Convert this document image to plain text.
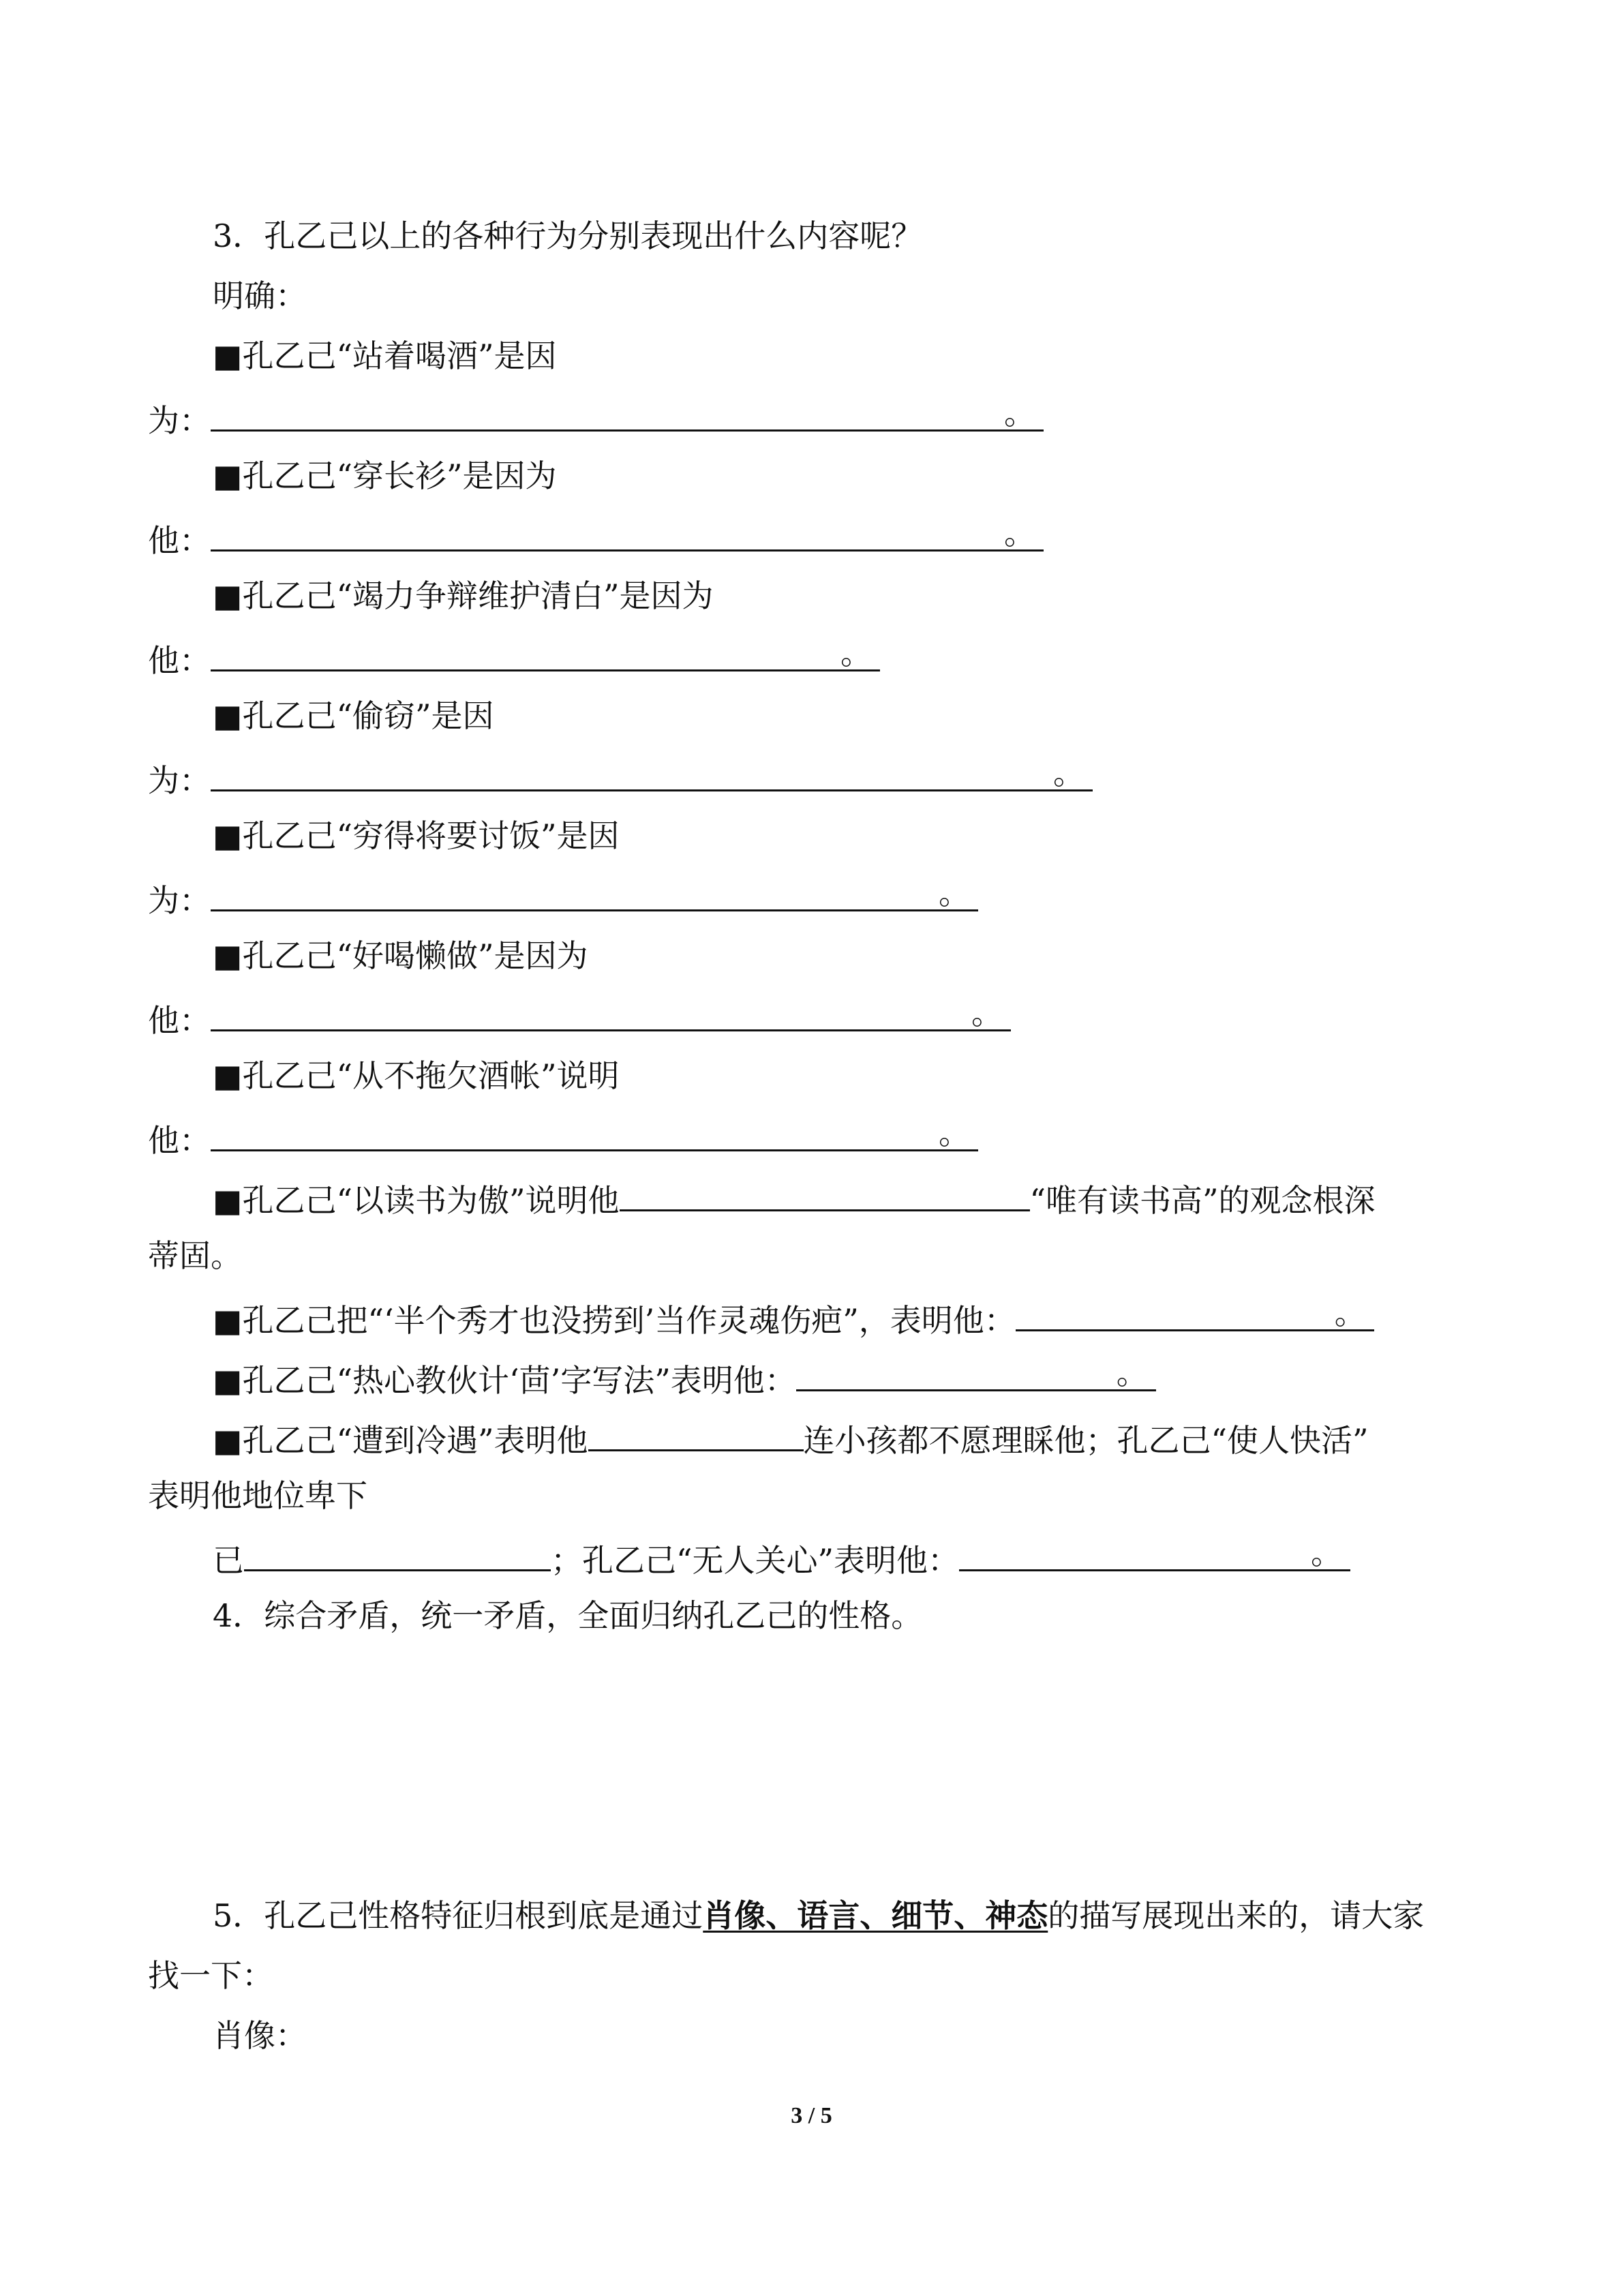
3．孔乙己以上的各种行为分别表现出什么内容呢？
明确：
■孔乙己“站着喝酒”是因
为：	。
■孔乙己“穿长衫”是因为
他：	。
■孔乙己“竭力争辩维护清白”是因为
他：	。
■孔乙己“偷窃”是因
为：	。
■孔乙己“穷得将要讨饭”是因
为：	。
■孔乙己“好喝懒做”是因为
他：	。
■孔乙己“从不拖欠酒帐”说明
他：	。
■孔乙己“以读书为傲”说明他	“唯有读书高”的观念根深
蒂固。
■孔乙己把“‘半个秀才也没捞到’当作灵魂伤疤”，表明他：	。
■孔乙己“热心教伙计‘茴’字写法”表明他：	。
■孔乙己“遭到冷遇”表明他	连小孩都不愿理睬他；孔乙己“使人快活”
表明他地位卑下
已	；孔乙己“无人关心”表明他：	。
4．综合矛盾，统一矛盾，全面归纳孔乙己的性格。
5．孔乙己性格特征归根到底是通过肖像、语言、细节、神态的描写展现出来的，请大家
找一下：
肖像：
3 / 5
